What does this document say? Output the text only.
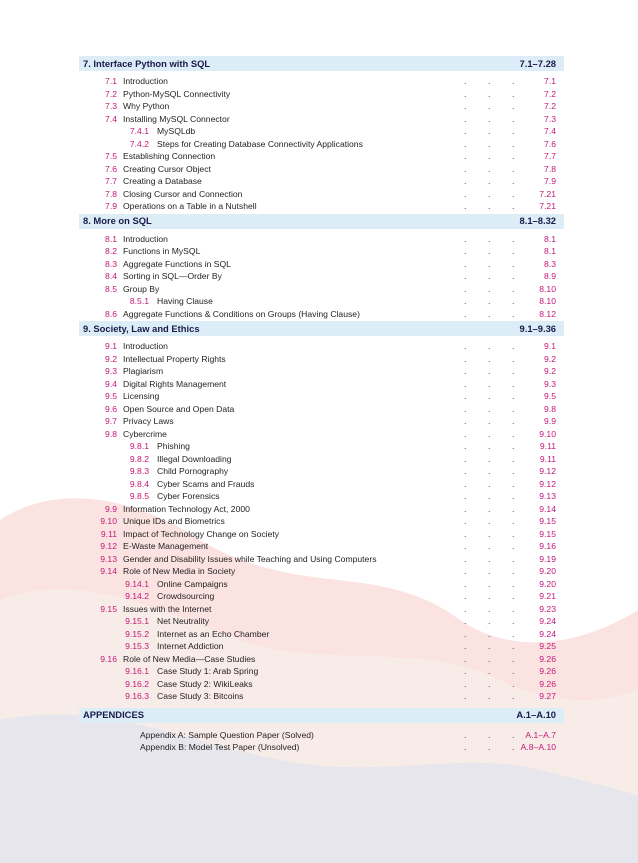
7. Interface Python with SQL	7.1–7.28
7.1 Introduction	.	.	.	7.1
7.2 Python-MySQL Connectivity	.	.	.	7.2
7.3 Why Python	.	.	.	7.2
7.4 Installing MySQL Connector	.	.	.	7.3
7.4.1 MySQLdb	.	.	.	7.4
7.4.2 Steps for Creating Database Connectivity Applications	.	.	.	7.6
7.5 Establishing Connection	.	.	.	7.7
7.6 Creating Cursor Object	.	.	.	7.8
7.7 Creating a Database	.	.	.	7.9
7.8 Closing Cursor and Connection	.	.	.	7.21
7.9 Operations on a Table in a Nutshell	.	.	.	7.21
8. More on SQL	8.1–8.32
8.1 Introduction	.	.	.	8.1
8.2 Functions in MySQL	.	.	.	8.1
8.3 Aggregate Functions in SQL	.	.	.	8.3
8.4 Sorting in SQL—Order By	.	.	.	8.9
8.5 Group By	.	.	.	8.10
8.5.1 Having Clause	.	.	.	8.10
8.6 Aggregate Functions & Conditions on Groups (Having Clause)	.	.	.	8.12
9. Society, Law and Ethics	9.1–9.36
9.1 Introduction	.	.	.	9.1
9.2 Intellectual Property Rights	.	.	.	9.2
9.3 Plagiarism	.	.	.	9.2
9.4 Digital Rights Management	.	.	.	9.3
9.5 Licensing	.	.	.	9.5
9.6 Open Source and Open Data	.	.	.	9.8
9.7 Privacy Laws	.	.	.	9.9
9.8 Cybercrime	.	.	.	9.10
9.8.1 Phishing	.	.	.	9.11
9.8.2 Illegal Downloading	.	.	.	9.11
9.8.3 Child Pornography	.	.	.	9.12
9.8.4 Cyber Scams and Frauds	.	.	.	9.12
9.8.5 Cyber Forensics	.	.	.	9.13
9.9 Information Technology Act, 2000	.	.	.	9.14
9.10 Unique IDs and Biometrics	.	.	.	9.15
9.11 Impact of Technology Change on Society	.	.	.	9.15
9.12 E-Waste Management	.	.	.	9.16
9.13 Gender and Disability Issues while Teaching and Using Computers	.	.	.	9.19
9.14 Role of New Media in Society	.	.	.	9.20
9.14.1 Online Campaigns	.	.	.	9.20
9.14.2 Crowdsourcing	.	.	.	9.21
9.15 Issues with the Internet	.	.	.	9.23
9.15.1 Net Neutrality	.	.	.	9.24
9.15.2 Internet as an Echo Chamber	.	.	.	9.24
9.15.3 Internet Addiction	.	.	.	9.25
9.16 Role of New Media—Case Studies	.	.	.	9.26
9.16.1 Case Study 1: Arab Spring	.	.	.	9.26
9.16.2 Case Study 2: WikiLeaks	.	.	.	9.26
9.16.3 Case Study 3: Bitcoins	.	.	.	9.27
APPENDICES	A.1–A.10
Appendix A: Sample Question Paper (Solved)	.	.	. A.1–A.7
Appendix B: Model Test Paper (Unsolved)	.	.	. A.8–A.10
